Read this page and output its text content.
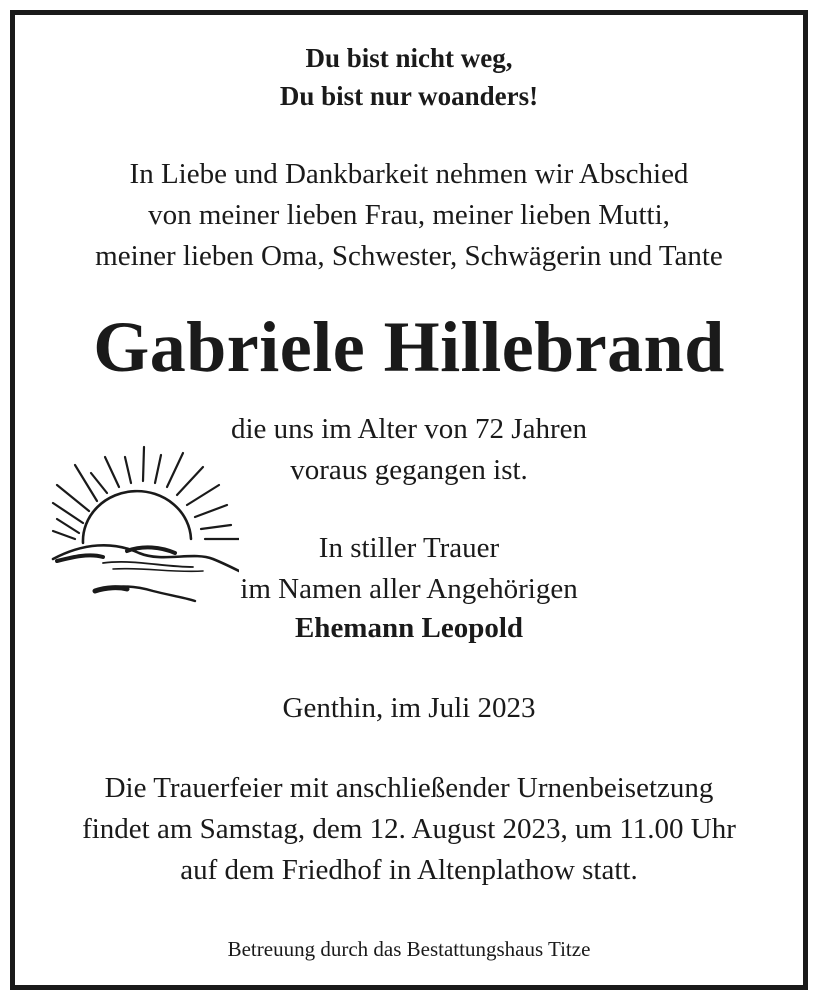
Du bist nicht weg,
Du bist nur woanders!
In Liebe und Dankbarkeit nehmen wir Abschied
von meiner lieben Frau, meiner lieben Mutti,
meiner lieben Oma, Schwester, Schwägerin und Tante
Gabriele Hillebrand
die uns im Alter von 72 Jahren
voraus gegangen ist.
In stiller Trauer
im Namen aller Angehörigen
Ehemann Leopold
Genthin, im Juli 2023
Die Trauerfeier mit anschließender Urnenbeisetzung
findet am Samstag, dem 12. August 2023, um 11.00 Uhr
auf dem Friedhof in Altenplathow statt.
Betreuung durch das Bestattungshaus Titze
